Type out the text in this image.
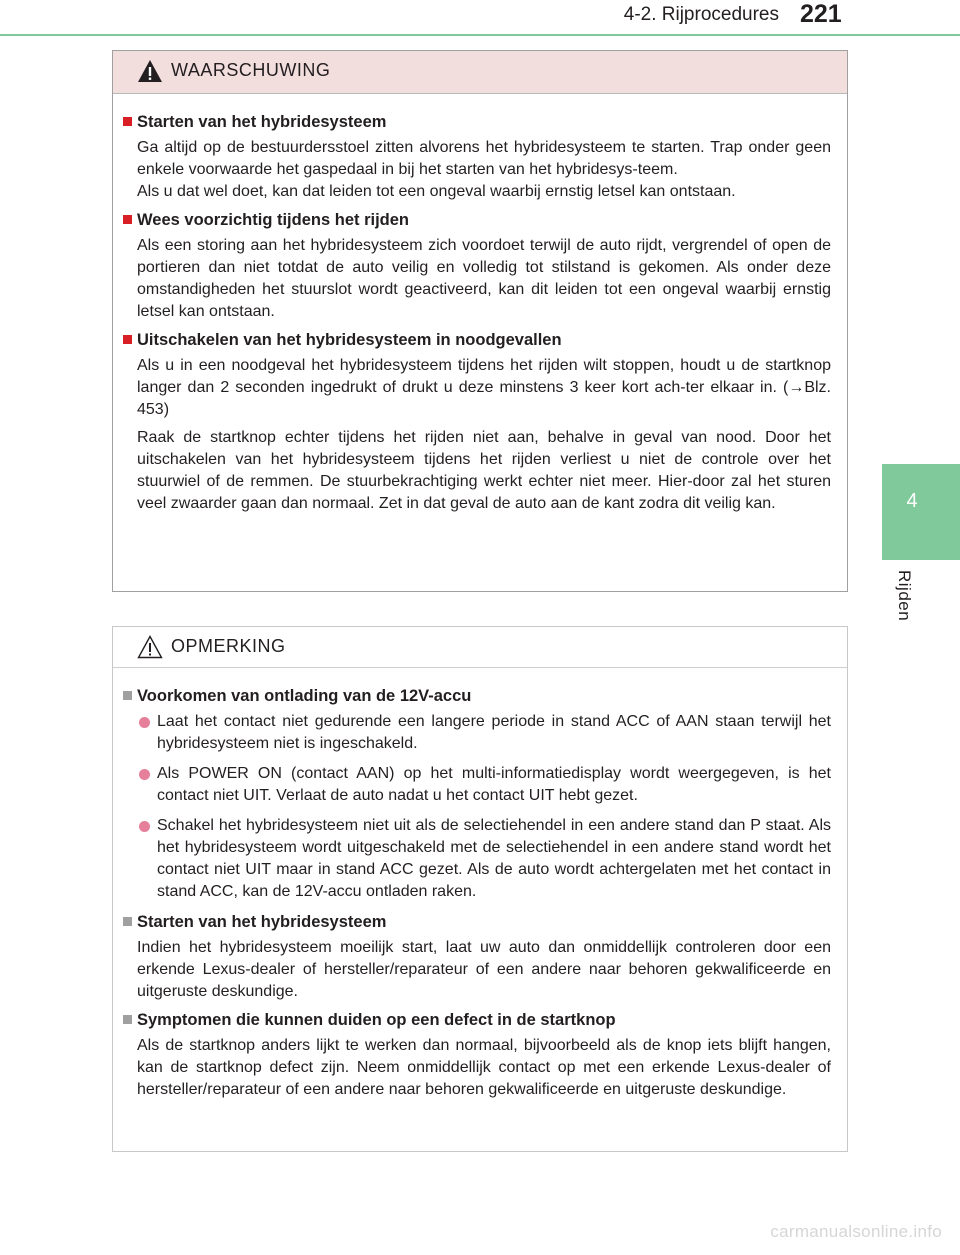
4-2. Rijprocedures 221
4
Rijden
WAARSCHUWING
Starten van het hybridesysteem

Ga altijd op de bestuurdersstoel zitten alvorens het hybridesysteem te starten. Trap onder geen enkele voorwaarde het gaspedaal in bij het starten van het hybridesys-teem.

Als u dat wel doet, kan dat leiden tot een ongeval waarbij ernstig letsel kan ontstaan.

Wees voorzichtig tijdens het rijden

Als een storing aan het hybridesysteem zich voordoet terwijl de auto rijdt, vergrendel of open de portieren dan niet totdat de auto veilig en volledig tot stilstand is gekomen. Als onder deze omstandigheden het stuurslot wordt geactiveerd, kan dit leiden tot een ongeval waarbij ernstig letsel kan ontstaan.

Uitschakelen van het hybridesysteem in noodgevallen

Als u in een noodgeval het hybridesysteem tijdens het rijden wilt stoppen, houdt u de startknop langer dan 2 seconden ingedrukt of drukt u deze minstens 3 keer kort ach-ter elkaar in. (→Blz. 453)

Raak de startknop echter tijdens het rijden niet aan, behalve in geval van nood. Door het uitschakelen van het hybridesysteem tijdens het rijden verliest u niet de controle over het stuurwiel of de remmen. De stuurbekrachtiging werkt echter niet meer. Hier-door zal het sturen veel zwaarder gaan dan normaal. Zet in dat geval de auto aan de kant zodra dit veilig kan.

OPMERKING
Voorkomen van ontlading van de 12V-accu
Laat het contact niet gedurende een langere periode in stand ACC of AAN staan terwijl het hybridesysteem niet is ingeschakeld.
Als POWER ON (contact AAN) op het multi-informatiedisplay wordt weergegeven, is het contact niet UIT. Verlaat de auto nadat u het contact UIT hebt gezet.
Schakel het hybridesysteem niet uit als de selectiehendel in een andere stand dan P staat. Als het hybridesysteem wordt uitgeschakeld met de selectiehendel in een andere stand wordt het contact niet UIT maar in stand ACC gezet. Als de auto wordt achtergelaten met het contact in stand ACC, kan de 12V-accu ontladen raken.
Starten van het hybridesysteem

Indien het hybridesysteem moeilijk start, laat uw auto dan onmiddellijk controleren door een erkende Lexus-dealer of hersteller/reparateur of een andere naar behoren gekwalificeerde en uitgeruste deskundige.

Symptomen die kunnen duiden op een defect in de startknop

Als de startknop anders lijkt te werken dan normaal, bijvoorbeeld als de knop iets blijft hangen, kan de startknop defect zijn. Neem onmiddellijk contact op met een erkende Lexus-dealer of hersteller/reparateur of een andere naar behoren gekwalificeerde en uitgeruste deskundige.

carmanualsonline.info
